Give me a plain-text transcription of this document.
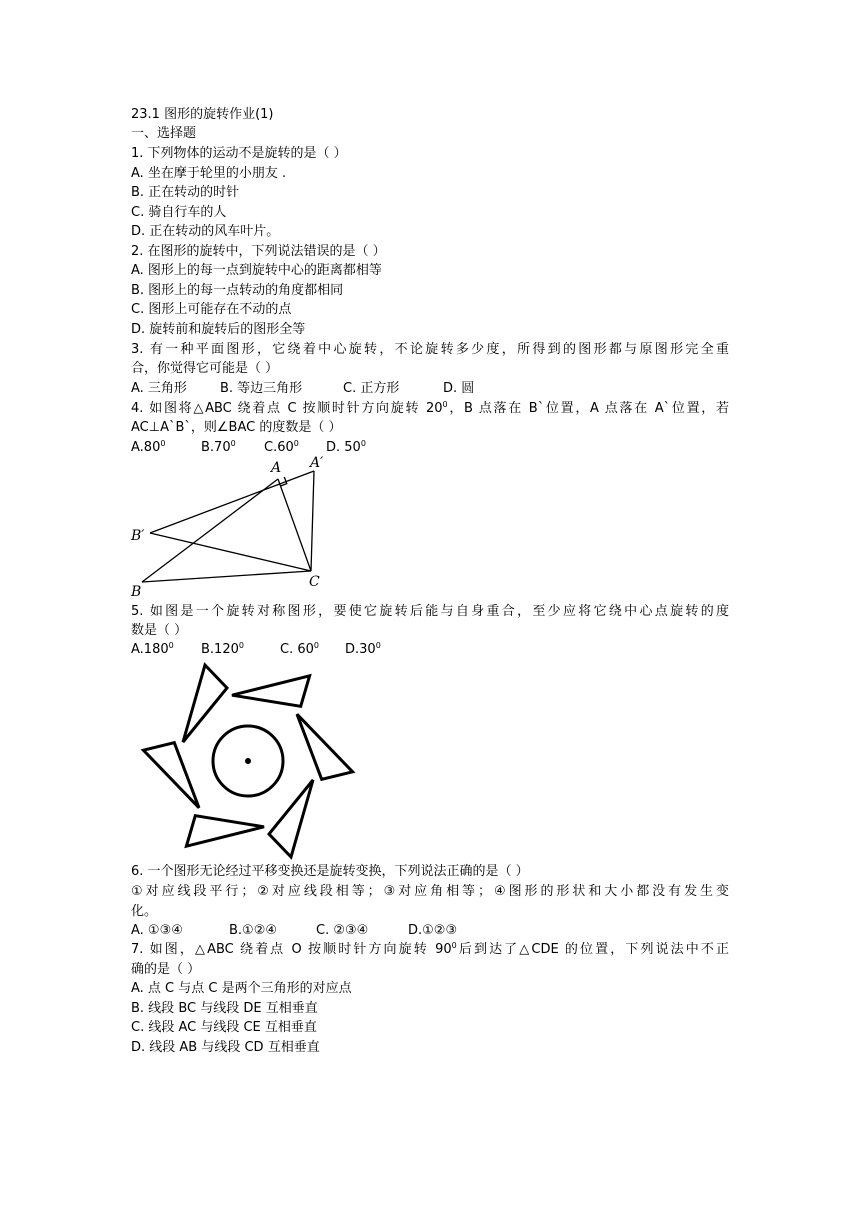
23.1 图形的旋转作业(1)
一、选择题
1. 下列物体的运动不是旋转的是（ ）
A. 坐在摩于轮里的小朋友 .
B. 正在转动的时针
C. 骑自行车的人
D. 正在转动的风车叶片。
2. 在图形的旋转中，下列说法错误的是（ ）
A. 图形上的每一点到旋转中心的距离都相等
B. 图形上的每一点转动的角度都相同
C. 图形上可能存在不动的点
D. 旋转前和旋转后的图形全等
3. 有一种平面图形，它绕着中心旋转，不论旋转多少度，所得到的图形都与原图形完全重
合，你觉得它可能是（ ）
A. 三角形	B. 等边三角形	C. 正方形	D. 圆
4. 如图将△ABC 绕着点 C 按顺时针方向旋转 $20^0$，B 点落在 B`位置，A 点落在 A`位置，若
AC⊥A`B`，则∠BAC 的度数是（ ）
$A.80^0$	$B.70^0$ $C.60^0$ D. $50^0$
A A′
B′
B
C
5. 如图是一个旋转对称图形，要使它旋转后能与自身重合，至少应将它绕中心点旋转的度
数是（ ）
A.180$^0$ B.120$^0$	C. $60^0$ $D.30^0$
6. 一个图形无论经过平移变换还是旋转变换，下列说法正确的是（ ）
①对应线段平行；②对应线段相等；③对应角相等；④图形的形状和大小都没有发生变
化。
A. ①③④	B.①②④	C. ②③④	D.①②③
7. 如图，△ABC 绕着点 O 按顺时针方向旋转 $90^0$后到达了△CDE 的位置，下列说法中不正
确的是（ ）
A. 点 C 与点 C 是两个三角形的对应点
B. 线段 BC 与线段 DE 互相垂直
C. 线段 AC 与线段 CE 互相垂直
D. 线段 AB 与线段 CD 互相垂直
